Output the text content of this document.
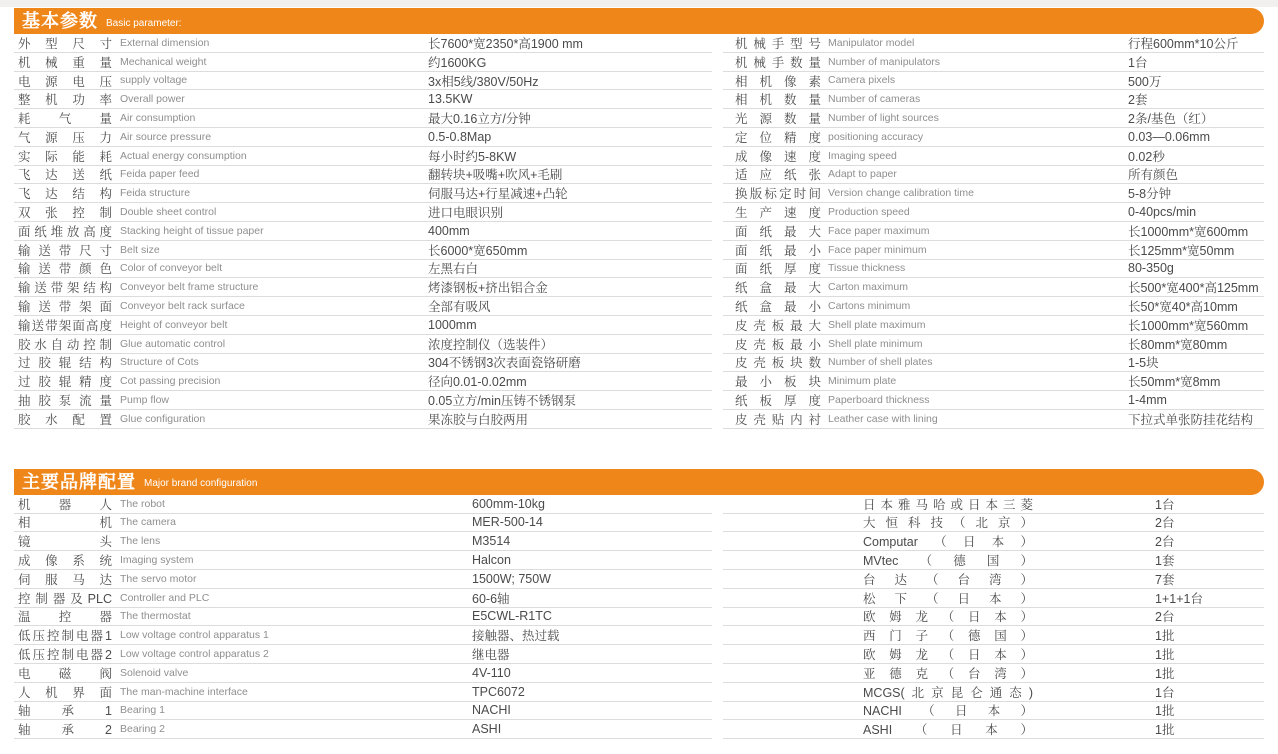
基本参数 Basic parameter:
外型尺寸 External dimension	长7600*宽2350*高1900 mm
机械重量 Mechanical weight	约1600KG
电源电压 supply voltage	3x相5线/380V/50Hz
整机功率 Overall power	13.5KW
耗气量 Air consumption	最大0.16立方/分钟
气源压力 Air source pressure	0.5-0.8Map
实际能耗 Actual energy consumption	每小时约5-8KW
飞达送纸 Feida paper feed	翻转块+吸嘴+吹风+毛刷
飞达结构 Feida structure	伺服马达+行星减速+凸轮
双张控制 Double sheet control	进口电眼识别
面纸堆放高度 Stacking height of tissue paper	400mm
输送带尺寸 Belt size	长6000*宽650mm
输送带颜色 Color of conveyor belt	左黑右白
输送带架结构 Conveyor belt frame structure	烤漆钢板+挤出铝合金
输送带架面 Conveyor belt rack surface	全部有吸风
输送带架面高度 Height of conveyor belt	1000mm
胶水自动控制 Glue automatic control	浓度控制仪（选装件）
过胶辊结构 Structure of Cots	304不锈钢3次表面瓷铬研磨
过胶辊精度 Cot passing precision	径向0.01-0.02mm
抽胶泵流量 Pump flow	0.05立方/min压铸不锈钢泵
胶水配置 Glue configuration	果冻胶与白胶两用
机械手型号 Manipulator model	行程600mm*10公斤
机械手数量 Number of manipulators	1台
相机像素 Camera pixels	500万
相机数量 Number of cameras	2套
光源数量 Number of light sources	2条/基色（红）
定位精度 positioning accuracy	0.03—0.06mm
成像速度 Imaging speed	0.02秒
适应纸张 Adapt to paper	所有颜色
换版标定时间 Version change calibration time	5-8分钟
生产速度 Production speed	0-40pcs/min
面纸最大 Face paper maximum	长1000mm*宽600mm
面纸最小 Face paper minimum	长125mm*宽50mm
面纸厚度 Tissue thickness	80-350g
纸盒最大 Carton maximum	长500*宽400*高125mm
纸盒最小 Cartons minimum	长50*宽40*高10mm
皮壳板最大 Shell plate maximum	长1000mm*宽560mm
皮壳板最小 Shell plate minimum	长80mm*宽80mm
皮壳板块数 Number of shell plates	1-5块
最小板块 Minimum plate	长50mm*宽8mm
纸板厚度 Paperboard thickness	1-4mm
皮壳贴内衬 Leather case with lining	下拉式单张防挂花结构
主要品牌配置 Major brand configuration
机器人 The robot	600mm-10kg
相机 The camera	MER-500-14
镜头 The lens	M3514
成像系统 Imaging system	Halcon
伺服马达 The servo motor	1500W; 750W
控制器及PLC Controller and PLC	60-6轴
温控器 The thermostat	E5CWL-R1TC
低压控制电器1 Low voltage control apparatus 1	接触器、热过载
低压控制电器2 Low voltage control apparatus 2	继电器
电磁阀 Solenoid valve	4V-110
人机界面 The man-machine interface	TPC6072
轴承1 Bearing 1	NACHI
轴承2 Bearing 2	ASHI
日本雅马哈或日本三菱	1台
大恒科技（北京）	2台
Computar（日本）	2台
MVtec（德国）	1套
台达（台湾）	7套
松下（日本）	1+1+1台
欧姆龙（日本）	2台
西门子（德国）	1批
欧姆龙（日本）	1批
亚德克（台湾）	1批
MCGS(北京昆仑通态)	1台
NACHI（日本）	1批
ASHI（日本）	1批
